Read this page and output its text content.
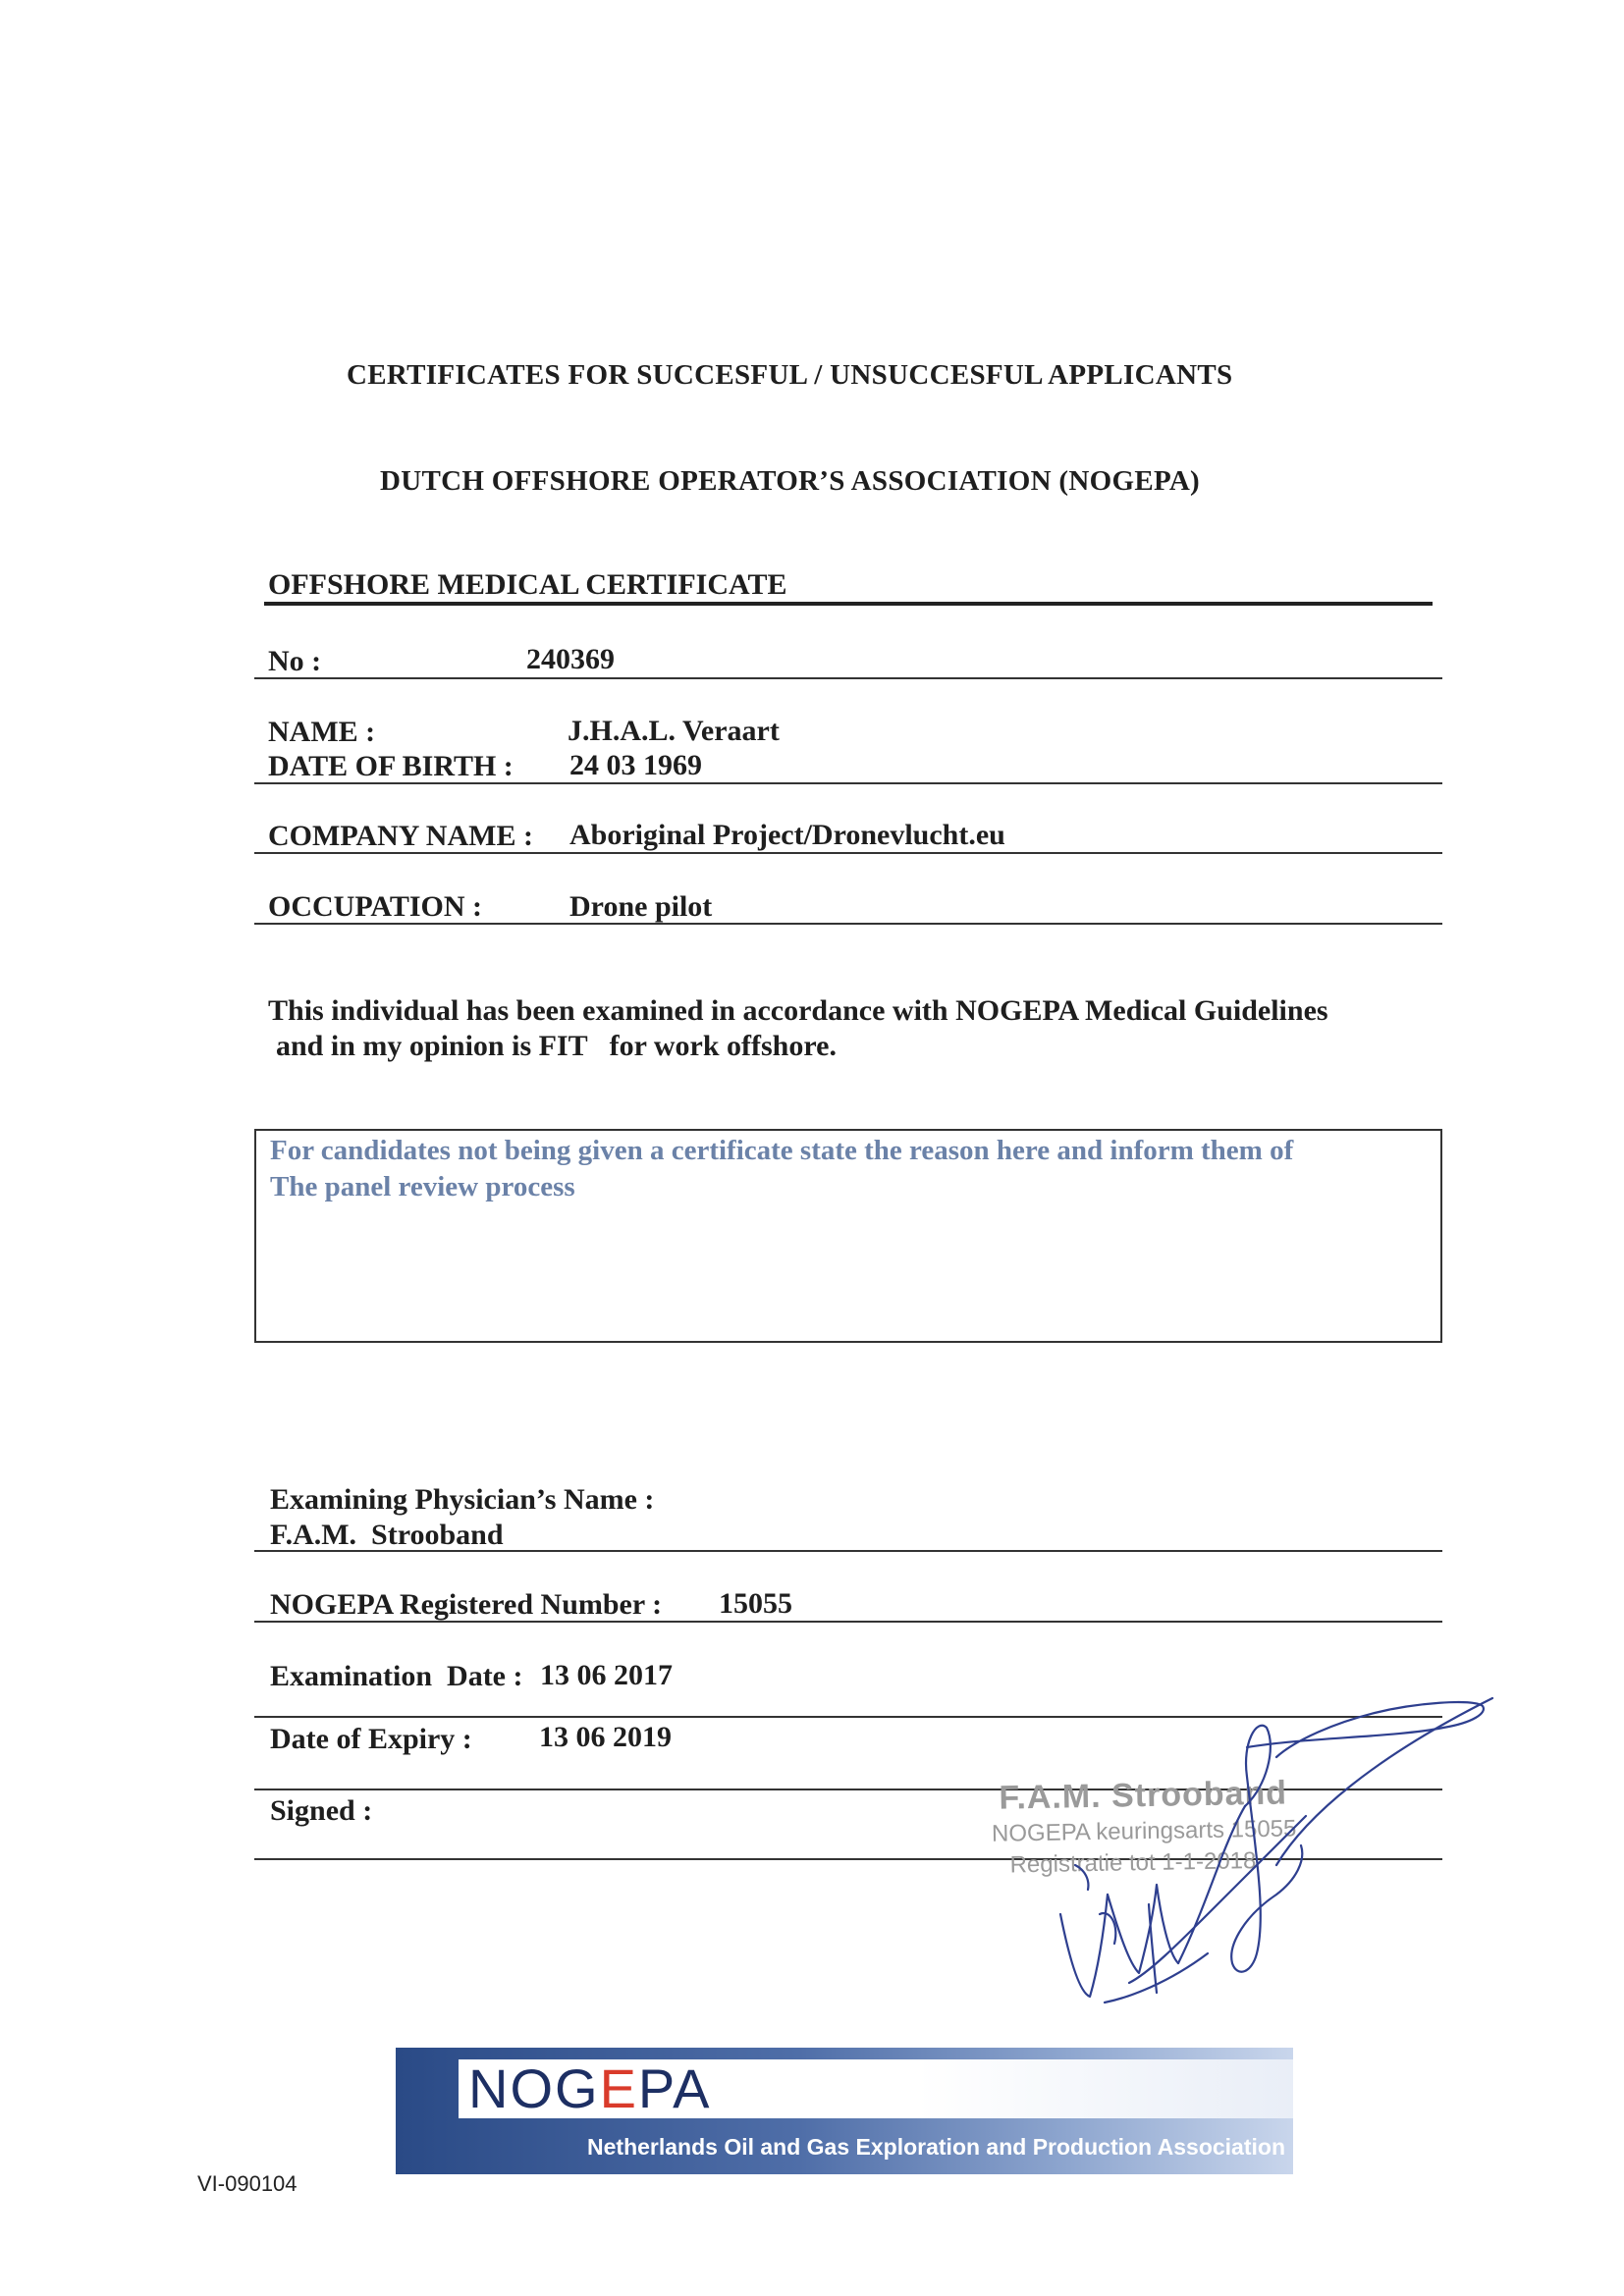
CERTIFICATES FOR SUCCESFUL / UNSUCCESFUL APPLICANTS
DUTCH OFFSHORE OPERATOR’S ASSOCIATION (NOGEPA)
OFFSHORE MEDICAL CERTIFICATE
No :	240369
NAME :	J.H.A.L. Veraart
DATE OF BIRTH : 24 03 1969
COMPANY NAME : Aboriginal Project/Dronevlucht.eu
OCCUPATION :	Drone pilot
This individual has been examined in accordance with NOGEPA Medical Guidelines
and in my opinion is FIT   for work offshore.
For candidates not being given a certificate state the reason here and inform them of
The panel review process
Examining Physician’s Name :
F.A.M.  Strooband
NOGEPA Registered Number : 15055
Examination  Date : 13 06 2017
Date of Expiry : 13 06 2019
Signed :	F.A.M. Strooband
NOGEPA keuringsarts 15055
Registratie tot 1-1-2018
NOGEPA
Netherlands Oil and Gas Exploration and Production Association
VI-090104
